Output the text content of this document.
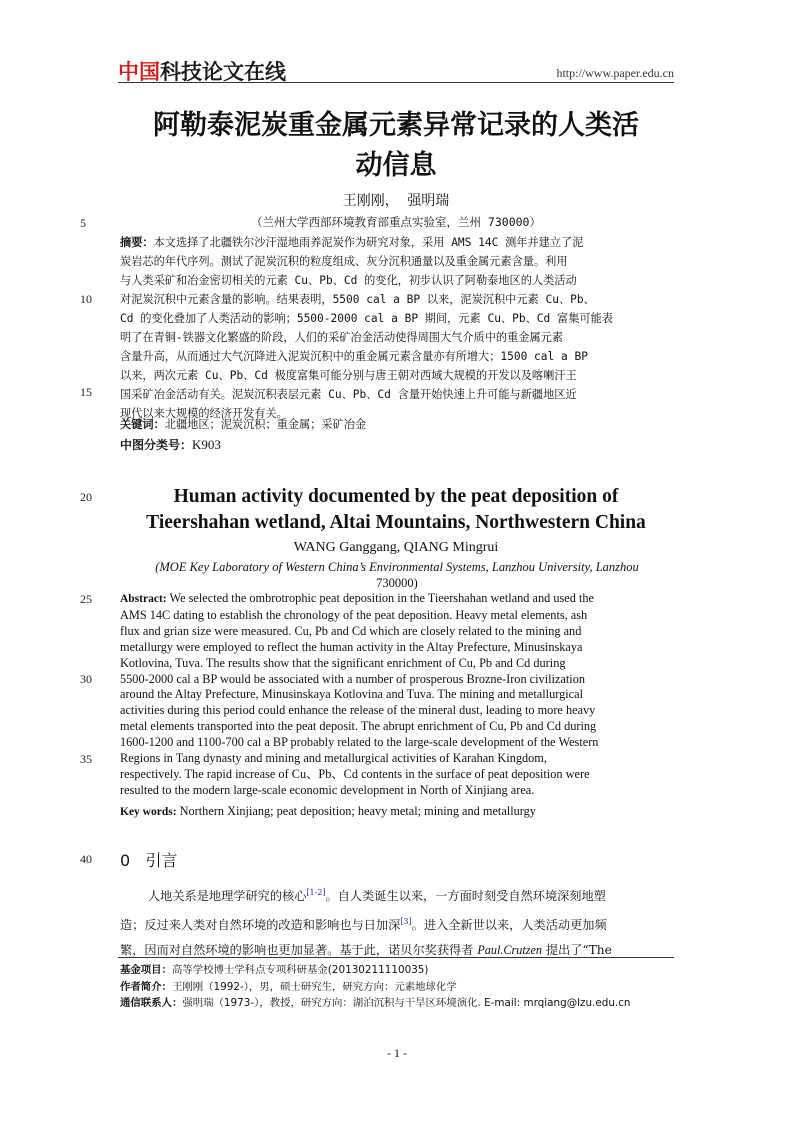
中国科技论文在线	http://www.paper.edu.cn
阿勒泰泥炭重金属元素异常记录的人类活
动信息
王刚刚， 强明瑞
（兰州大学西部环境教育部重点实验室，兰州 730000）
5
10
15
20
25
30
35
40
摘要：本文选择了北疆铁尔沙汗湿地雨养泥炭作为研究对象，采用 AMS 14C 测年并建立了泥
炭岩芯的年代序列。测试了泥炭沉积的粒度组成、灰分沉积通量以及重金属元素含量。利用
与人类采矿和冶金密切相关的元素 Cu、Pb、Cd 的变化，初步认识了阿勒泰地区的人类活动
对泥炭沉积中元素含量的影响。结果表明，5500 cal a BP 以来，泥炭沉积中元素 Cu、Pb、
Cd 的变化叠加了人类活动的影响；5500-2000 cal a BP 期间，元素 Cu、Pb、Cd 富集可能表
明了在青铜-铁器文化繁盛的阶段，人们的采矿冶金活动使得周围大气介质中的重金属元素
含量升高，从而通过大气沉降进入泥炭沉积中的重金属元素含量亦有所增大；1500 cal a BP
以来，两次元素 Cu、Pb、Cd 极度富集可能分别与唐王朝对西域大规模的开发以及喀喇汗王
国采矿冶金活动有关。泥炭沉积表层元素 Cu、Pb、Cd 含量开始快速上升可能与新疆地区近
现代以来大规模的经济开发有关。
关键词：北疆地区；泥炭沉积；重金属；采矿冶金
中图分类号：K903
Human activity documented by the peat deposition of
Tieershahan wetland, Altai Mountains, Northwestern China
WANG Ganggang, QIANG Mingrui
(MOE Key Laboratory of Western China’s Environmental Systems, Lanzhou University, Lanzhou
730000)
Abstract: We selected the ombrotrophic peat deposition in the Tieershahan wetland and used the
AMS 14C dating to establish the chronology of the peat deposition. Heavy metal elements, ash
flux and grian size were measured. Cu, Pb and Cd which are closely related to the mining and
metallurgy were employed to reflect the human activity in the Altay Prefecture, Minusinskaya
Kotlovina, Tuva. The results show that the significant enrichment of Cu, Pb and Cd during
5500-2000 cal a BP would be associated with a number of prosperous Brozne-Iron civilization
around the Altay Prefecture, Minusinskaya Kotlovina and Tuva. The mining and metallurgical
activities during this period could enhance the release of the mineral dust, leading to more heavy
metal elements transported into the peat deposit. The abrupt enrichment of Cu, Pb and Cd during
1600-1200 and 1100-700 cal a BP probably related to the large-scale development of the Western
Regions in Tang dynasty and mining and metallurgical activities of Karahan Kingdom,
respectively. The rapid increase of Cu、Pb、Cd contents in the surface of peat deposition were
resulted to the modern large-scale economic development in North of Xinjiang area.
Key words: Northern Xinjiang; peat deposition; heavy metal; mining and metallurgy
0 引言
人地关系是地理学研究的核心[1-2]。自人类诞生以来，一方面时刻受自然环境深刻地塑
造；反过来人类对自然环境的改造和影响也与日加深[3]。进入全新世以来，人类活动更加频
繁，因而对自然环境的影响也更加显著。基于此，诺贝尔奖获得者 Paul.Crutzen 提出了“The
基金项目：高等学校博士学科点专项科研基金(20130211110035)
作者简介：王刚刚（1992-），男，硕士研究生，研究方向：元素地球化学
通信联系人：强明瑞（1973-），教授，研究方向：湖泊沉积与干旱区环境演化. E-mail: mrqiang@lzu.edu.cn
- 1 -
